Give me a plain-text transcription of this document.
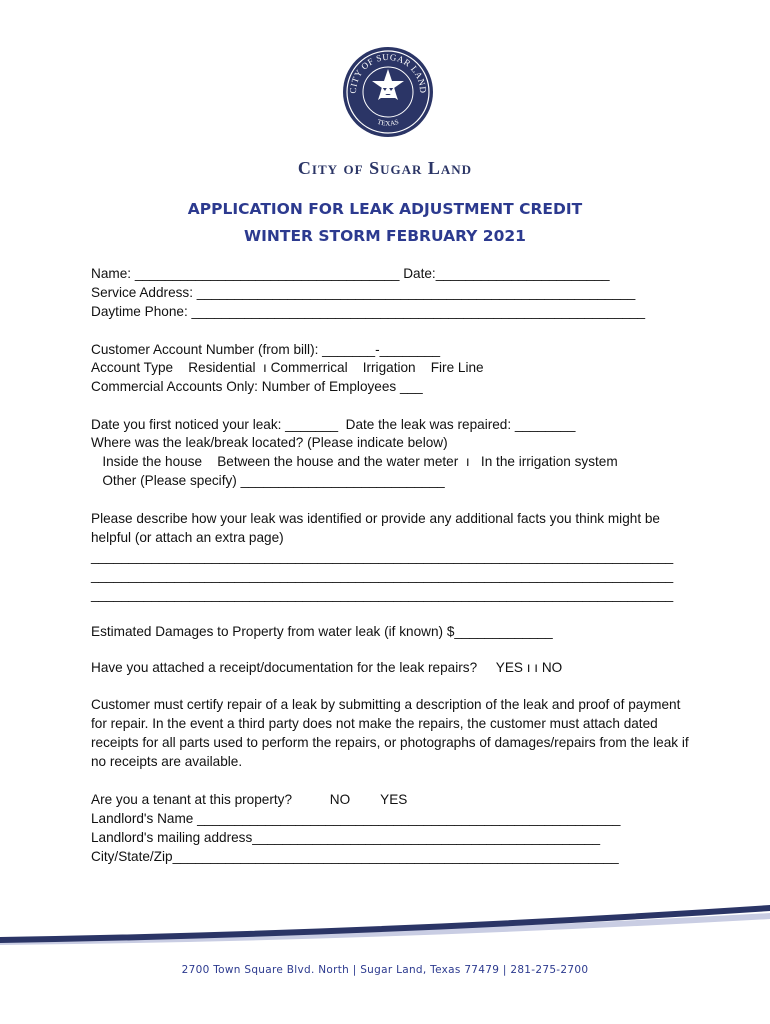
CITY OF SUGAR LAND
TEXAS
City of Sugar Land
APPLICATION FOR LEAK ADJUSTMENT CREDIT
WINTER STORM FEBRUARY 2021
Name: ___________________________________ Date:_______________________
Service Address: __________________________________________________________
Daytime Phone: ____________________________________________________________
Customer Account Number (from bill): _______-________
Account Type    Residential  ı Commerrical    Irrigation    Fire Line
Commercial Accounts Only: Number of Employees ___
Date you first noticed your leak: _______  Date the leak was repaired: ________
Where was the leak/break located? (Please indicate below)
Inside the house    Between the house and the water meter  ı   In the irrigation system
Other (Please specify) ___________________________
Please describe how your leak was identified or provide any additional facts you think might be
helpful (or attach an extra page)
_____________________________________________________________________________
_____________________________________________________________________________
_____________________________________________________________________________
Estimated Damages to Property from water leak (if known) $_____________
Have you attached a receipt/documentation for the leak repairs?     YES ı ı NO
Customer must certify repair of a leak by submitting a description of the leak and proof of payment for repair. In the event a third party does not make the repairs, the customer must attach dated receipts for all parts used to perform the repairs, or photographs of damages/repairs from the leak if no receipts are available.
Are you a tenant at this property?          NO        YES
Landlord's Name ________________________________________________________
Landlord's mailing address______________________________________________
City/State/Zip___________________________________________________________
2700 Town Square Blvd. North | Sugar Land, Texas 77479 | 281-275-2700
